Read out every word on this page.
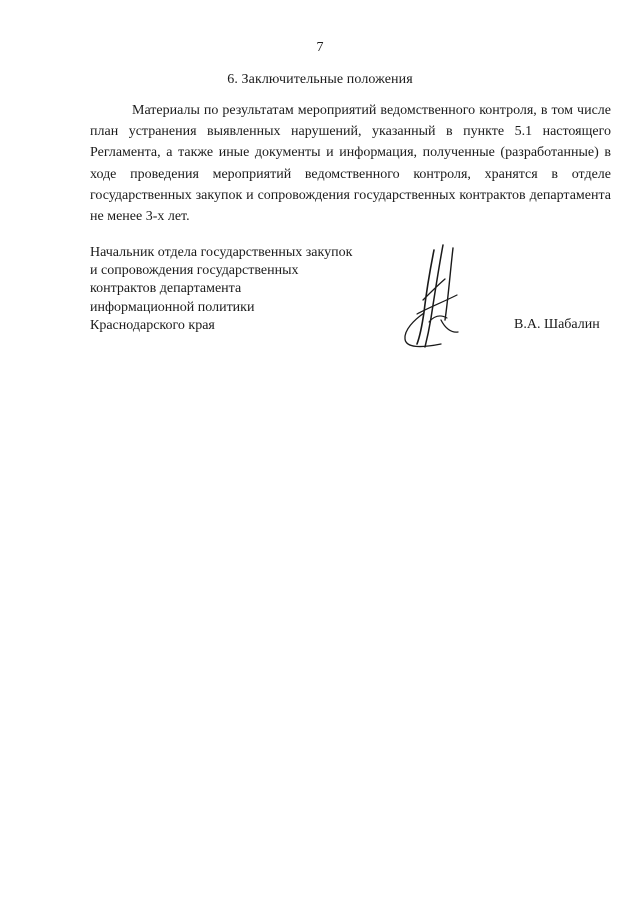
7
6. Заключительные положения

Материалы по результатам мероприятий ведомственного контроля, в том числе план устранения выявленных нарушений, указанный в пункте 5.1 настоящего Регламента, а также иные документы и информация, полученные (разработанные) в ходе проведения мероприятий ведомственного контроля, хранятся в отделе государственных закупок и сопровождения государственных контрактов департамента не менее 3-х лет.

Начальник отдела государственных закупок
и сопровождения государственных
контрактов департамента
информационной политики
Краснодарского края	В.А. Шабалин
